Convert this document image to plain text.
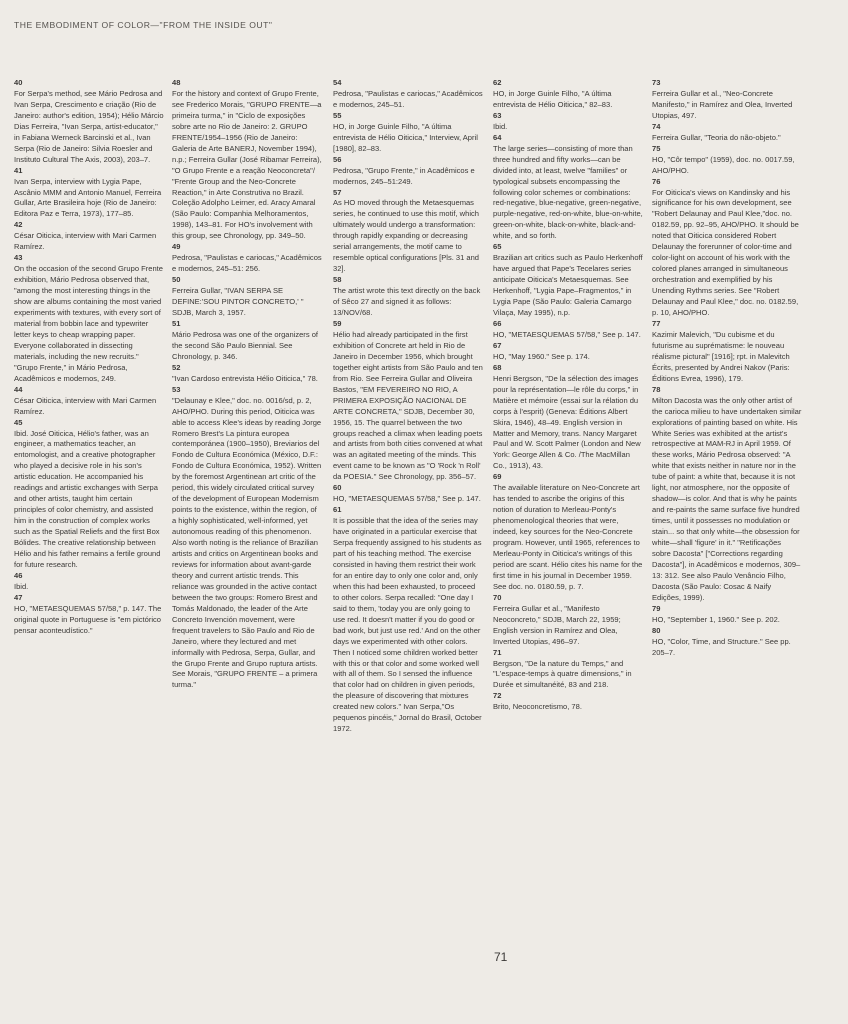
THE EMBODIMENT OF COLOR—"FROM THE INSIDE OUT"
40

For Serpa's method, see Mário Pedrosa and Ivan Serpa, Crescimento e criação (Rio de Janeiro: author's edition, 1954); Hélio Márcio Dias Ferreira, "Ivan Serpa, artist-educator," in Fabiana Werneck Barcinski et al., Ivan Serpa (Rio de Janeiro: Silvia Roesler and Instituto Cultural The Axis, 2003), 203–7.

41

Ivan Serpa, interview with Lygia Pape, Ascânio MMM and Antonio Manuel, Ferreira Gullar, Arte Brasileira hoje (Rio de Janeiro: Editora Paz e Terra, 1973), 177–85.

42

César Oiticica, interview with Mari Carmen Ramírez.

43

On the occasion of the second Grupo Frente exhibition, Mário Pedrosa observed that, "among the most interesting things in the show are albums containing the most varied experiments with textures, with every sort of material from bobbin lace and typewriter letter keys to cheap wrapping paper. Everyone collaborated in dissecting materials, including the new recruits." "Grupo Frente," in Mário Pedrosa, Acadêmicos e modernos, 249.

44

César Oiticica, interview with Mari Carmen Ramírez.

45

Ibid. José Oiticica, Hélio's father, was an engineer, a mathematics teacher, an entomologist, and a creative photographer who played a decisive role in his son's artistic education. He accompanied his readings and artistic exchanges with Serpa and other artists, taught him certain principles of color chemistry, and assisted him in the construction of complex works such as the Spatial Reliefs and the first Box Bólides. The creative relationship between Hélio and his father remains a fertile ground for future research.

46

Ibid.

47

HO, "METAESQUEMAS 57/58," p. 147. The original quote in Portuguese is "em pictórico pensar aconteudístico."

48

For the history and context of Grupo Frente, see Frederico Morais, "GRUPO FRENTE—a primeira turma," in "Ciclo de exposições sobre arte no Rio de Janeiro: 2. GRUPO FRENTE/1954–1956 (Rio de Janeiro: Galeria de Arte BANERJ, November 1994), n.p.; Ferreira Gullar (José Ribamar Ferreira), "O Grupo Frente e a reação Neoconcreta"/ "Frente Group and the Neo-Concrete Reaction," in Arte Construtiva no Brazil. Coleção Adolpho Leirner, ed. Aracy Amaral (São Paulo: Companhia Melhoramentos, 1998), 143–81. For HO's involvement with this group, see Chronology, pp. 349–50.

49

Pedrosa, "Paulistas e cariocas," Acadêmicos e modernos, 245–51: 256.

50

Ferreira Gullar, "IVAN SERPA SE DEFINE:'SOU PINTOR CONCRETO,' " SDJB, March 3, 1957.

51

Mário Pedrosa was one of the organizers of the second São Paulo Biennial. See Chronology, p. 346.

52

"Ivan Cardoso entrevista Hélio Oiticica," 78.

53

"Delaunay e Klee," doc. no. 0016/sd, p. 2, AHO/PHO. During this period, Oiticica was able to access Klee's ideas by reading Jorge Romero Brest's La pintura europea contemporánea (1900–1950), Breviarios del Fondo de Cultura Económica (México, D.F.: Fondo de Cultura Económica, 1952). Written by the foremost Argentinean art critic of the period, this widely circulated critical survey of the development of European Modernism points to the existence, within the region, of a highly sophisticated, well-informed, yet autonomous reading of this phenomenon. Also worth noting is the reliance of Brazilian artists and critics on Argentinean books and reviews for information about avant-garde theory and current artistic trends. This reliance was grounded in the active contact between the two groups: Romero Brest and Tomás Maldonado, the leader of the Arte Concreto Invención movement, were frequent travelers to São Paulo and Rio de Janeiro, where they lectured and met informally with Pedrosa, Serpa, Gullar, and the Grupo Frente and Grupo ruptura artists. See Morais, "GRUPO FRENTE – a primera turma."

54

Pedrosa, "Paulistas e cariocas," Acadêmicos e modernos, 245–51.

55

HO, in Jorge Guinle Filho, "A última entrevista de Hélio Oiticica," Interview, April [1980], 82–83.

56

Pedrosa, "Grupo Frente," in Acadêmicos e modernos, 245–51:249.

57

As HO moved through the Metaesquemas series, he continued to use this motif, which ultimately would undergo a transformation: through rapidly expanding or decreasing serial arrangements, the motif came to resemble optical configurations [Pls. 31 and 32].

58

The artist wrote this text directly on the back of Sêco 27 and signed it as follows: 13/NOV/68.

59

Hélio had already participated in the first exhibition of Concrete art held in Rio de Janeiro in December 1956, which brought together eight artists from São Paulo and ten from Rio. See Ferreira Gullar and Oliveira Bastos, "EM FEVEREIRO NO RIO, A PRIMERA EXPOSIÇÃO NACIONAL DE ARTE CONCRETA," SDJB, December 30, 1956, 15. The quarrel between the two groups reached a climax when leading poets and artists from both cities convened at what was an agitated meeting of the minds. This event came to be known as "O 'Rock 'n Roll' da POESIA." See Chronology, pp. 356–57.

60

HO, "METAESQUEMAS 57/58," See p. 147.

61

It is possible that the idea of the series may have originated in a particular exercise that Serpa frequently assigned to his students as part of his teaching method. The exercise consisted in having them restrict their work for an entire day to only one color and, only when this had been exhausted, to proceed to other colors. Serpa recalled: "One day I said to them, 'today you are only going to use red. It doesn't matter if you do good or bad work, but just use red.' And on the other days we experimented with other colors. Then I noticed some children worked better with this or that color and some worked well with all of them. So I sensed the influence that color had on children in given periods, the pleasure of discovering that mixtures created new colors." Ivan Serpa,"Os pequenos pincéis," Jornal do Brasil, October 1972.

62

HO, in Jorge Guinle Filho, "A última entrevista de Hélio Oiticica," 82–83.

63

Ibid.

64

The large series—consisting of more than three hundred and fifty works—can be divided into, at least, twelve "families" or typological subsets encompassing the following color schemes or combinations: red-negative, blue-negative, green-negative, purple-negative, red-on-white, blue-on-white, green-on-white, black-on-white, black-and-white, and so forth.

65

Brazilian art critics such as Paulo Herkenhoff have argued that Pape's Tecelares series anticipate Oiticica's Metaesquemas. See Herkenhoff, "Lygia Pape–Fragmentos," in Lygia Pape (São Paulo: Galeria Camargo Vilaça, May 1995), n.p.

66

HO, "METAESQUEMAS 57/58," See p. 147.

67

HO, "May 1960." See p. 174.

68

Henri Bergson, "De la sélection des images pour la représentation—le rôle du corps," in Matière et mémoire (essai sur la rélation du corps à l'esprit) (Geneva: Éditions Albert Skira, 1946), 48–49. English version in Matter and Memory, trans. Nancy Margaret Paul and W. Scott Palmer (London and New York: George Allen & Co. /The MacMillan Co., 1913), 43.

69

The available literature on Neo-Concrete art has tended to ascribe the origins of this notion of duration to Merleau-Ponty's phenomenological theories that were, indeed, key sources for the Neo-Concrete program. However, until 1965, references to Merleau-Ponty in Oiticica's writings of this period are scant. Hélio cites his name for the first time in his journal in December 1959. See doc. no. 0180.59, p. 7.

70

Ferreira Gullar et al., "Manifesto Neoconcreto," SDJB, March 22, 1959; English version in Ramírez and Olea, Inverted Utopias, 496–97.

71

Bergson, "De la nature du Temps," and "L'espace-temps à quatre dimensions," in Durée et simultanéité, 83 and 218.

72

Brito, Neoconcretismo, 78.

73

Ferreira Gullar et al., "Neo-Concrete Manifesto," in Ramírez and Olea, Inverted Utopias, 497.

74

Ferreira Gullar, "Teoria do não-objeto."

75

HO, "Côr tempo" (1959), doc. no. 0017.59, AHO/PHO.

76

For Oiticica's views on Kandinsky and his significance for his own development, see "Robert Delaunay and Paul Klee,"doc. no. 0182.59, pp. 92–95, AHO/PHO. It should be noted that Oiticica considered Robert Delaunay the forerunner of color-time and color-light on account of his work with the colored planes arranged in simultaneous orchestration and exemplified by his Unending Rythms series. See "Robert Delaunay and Paul Klee," doc. no. 0182.59, p. 10, AHO/PHO.

77

Kazimir Malevich, "Du cubisme et du futurisme au suprématisme: le nouveau réalisme pictural" [1916]; rpt. in Malevitch Écrits, presented by Andrei Nakov (Paris: Éditions Evrea, 1996), 179.

78

Milton Dacosta was the only other artist of the carioca milieu to have undertaken similar explorations of painting based on white. His White Series was exhibited at the artist's retrospective at MAM-RJ in April 1959. Of these works, Mário Pedrosa observed: "A white that exists neither in nature nor in the tube of paint: a white that, because it is not light, nor atmosphere, nor the opposite of shadow—is color. And that is why he paints and re-paints the same surface five hundred times, until it possesses no modulation or stain... so that only white—the obsession for white—shall 'figure' in it." "Retificações sobre Dacosta" ["Corrections regarding Dacosta"], in Acadêmicos e modernos, 309–13: 312. See also Paulo Venâncio Filho, Dacosta (São Paulo: Cosac & Naify Edições, 1999).

79

HO, "September 1, 1960." See p. 202.

80

HO, "Color, Time, and Structure." See pp. 205–7.

71
